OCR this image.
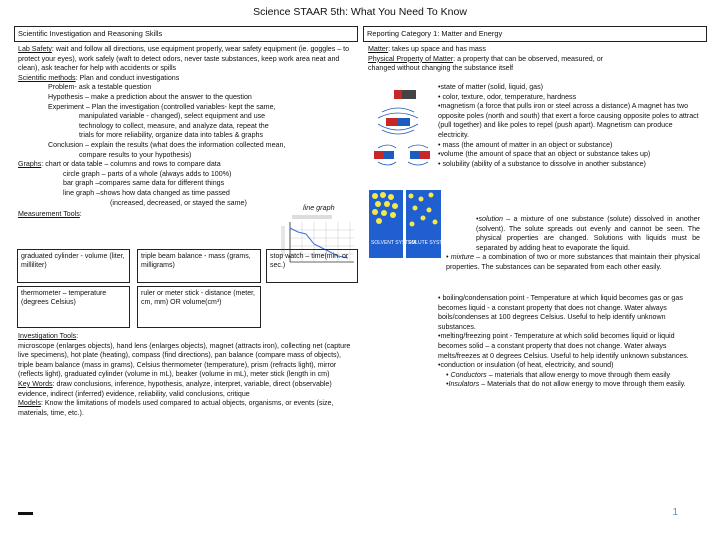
Science STAAR 5th: What You Need To Know
Scientific Investigation and Reasoning Skills	Reporting Category 1: Matter and Energy
Lab Safety: wait and follow all directions, use equipment properly, wear safety equipment (ie. goggles – to protect your eyes), work safely (waft to detect odors, never taste substances, keep work area neat and clean), ask teacher for help with accidents or spills
Scientific methods: Plan and conduct investigations
Problem- ask a testable question
Hypothesis – make a prediction about the answer to the question
Experiment – Plan the investigation (controlled variables- kept the same,
manipulated variable - changed), select equipment and use
technology to collect, measure, and analyze data, repeat the
trials for more reliability, organize data into tables & graphs
Conclusion – explain the results (what does the information collected mean,
compare results to your hypothesis)
Graphs: chart or data table – columns and rows to compare data
circle graph – parts of a whole (always adds to 100%)
bar graph –compares same data for different things
line graph –shows how data changed as time passed
(increased, decreased, or stayed the same)
Measurement Tools:
line graph
graduated cylinder - volume (liter, milliliter)
triple beam balance - mass (grams, milligrams)
stop watch – time(min. or sec.)
thermometer – temperature (degrees Celsius)
ruler or meter stick - distance (meter, cm, mm) OR volume(cm³)
Investigation Tools:
microscope (enlarges objects), hand lens (enlarges objects), magnet (attracts iron), collecting net (capture live specimens), hot plate (heating), compass (find directions), pan balance (compare mass of objects), triple beam balance (mass in grams), Celsius thermometer (temperature), prism (refracts light), mirror (reflects light), graduated cylinder (volume in mL), beaker (volume in mL), meter stick (length in cm)
Key Words: draw conclusions, inference, hypothesis, analyze, interpret, variable, direct (observable) evidence, indirect (inferred) evidence, reliability, valid conclusions, critique
Models: Know the limitations of models used compared to actual objects, organisms, or events (size, materials, time, etc.).
Matter: takes up space and has mass
Physical Property of Matter: a property that can be observed, measured, or
changed without changing the substance itself
•state of matter (solid, liquid, gas)
• color, texture, odor, temperature, hardness
•magnetism (a force that pulls iron or steel across a distance) A magnet has two opposite poles (north and south) that exert a force causing opposite poles to attract (pull together) and like poles to repel (push apart). Magnetism can produce electricity.
• mass (the amount of matter in an object or substance)
•volume (the amount of space that an object or substance takes up)
• solubility (ability of a substance to dissolve in another substance)
•solution – a mixture of one substance (solute) dissolved in another (solvent). The solute spreads out evenly and cannot be seen. The physical properties are changed. Solutions with liquids must be separated by adding heat to evaporate the liquid.
• mixture – a combination of two or more substances that maintain their physical properties. The substances can be separated from each other easily.
• boiling/condensation point - Temperature at which liquid becomes gas or gas becomes liquid - a constant property that does not change. Water always boils/condenses at 100 degrees Celsius. Useful to help identify unknown substances.
•melting/freezing point - Temperature at which solid becomes liquid or liquid becomes solid – a constant property that does not change. Water always melts/freezes at 0 degrees Celsius. Useful to help identify unknown substances.
•conduction or insulation (of heat, electricity, and sound)
• Conductors – materials that allow energy to move through them easily
•Insulators – Materials that do not allow energy to move through them easily.
SOLVENT SYSTEM
SOLUTE SYSTEM
1
